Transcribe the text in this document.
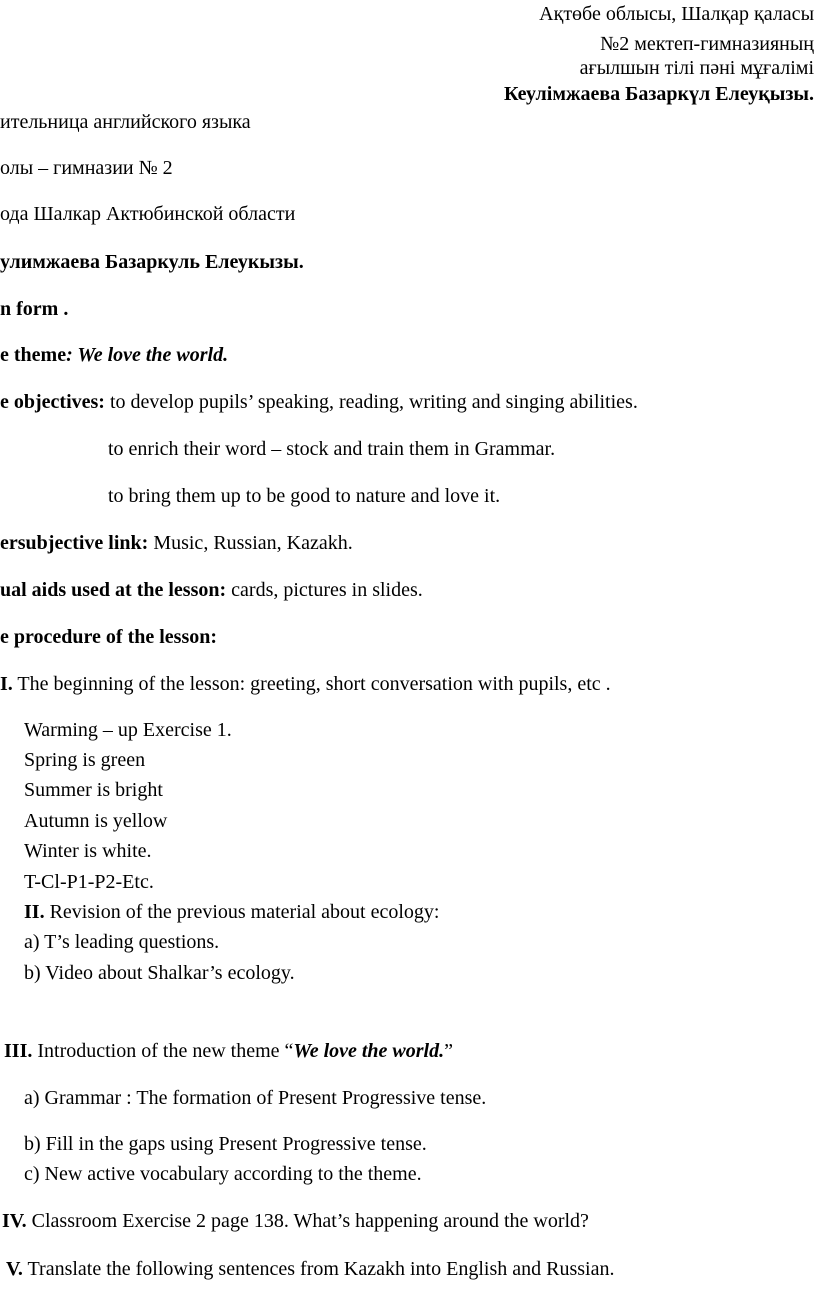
Ақтөбе облысы, Шалқар қаласы
№2 мектеп-гимназияның
ағылшын тілі пәні мұғалімі
Кеулімжаева Базаркүл Елеуқызы.
ительница английского языка
олы – гимназии № 2
ода Шалкар Актюбинской области
улимжаева Базаркуль Елеукызы.
n form .
e theme: We love the world.
e objectives: to develop pupils’ speaking, reading, writing and singing abilities.
to enrich their word – stock and train them in Grammar.
to bring them up to be good to nature and love it.
ersubjective link: Music, Russian, Kazakh.
ual aids used at the lesson: cards, pictures in slides.
e procedure of the lesson:
I. The beginning of the lesson: greeting, short conversation with pupils, etc .
Warming – up Exercise 1.
Spring is green
Summer is bright
Autumn is yellow
Winter is white.
T-Cl-P1-P2-Etc.
II. Revision of the previous material about ecology:
a) T’s leading questions.
b) Video about Shalkar’s ecology.
III. Introduction of the new theme “We love the world.”
a) Grammar : The formation of Present Progressive tense.
b) Fill in the gaps using Present Progressive tense.
c) New active vocabulary according to the theme.
IV. Classroom Exercise 2 page 138. What’s happening around the world?
V. Translate the following sentences from Kazakh into English and Russian.
